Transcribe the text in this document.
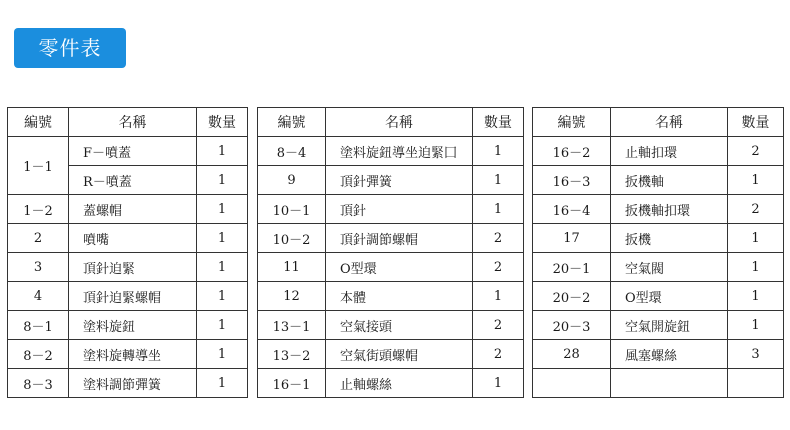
零件表
編號	名稱	數量
1－1	F－噴蓋	1
	R－噴蓋	1
1－2	蓋螺帽	1
2	噴嘴	1
3	頂針迫緊	1
4	頂針迫緊螺帽	1
8－1	塗料旋鈕	1
8－2	塗料旋轉導坐	1
8－3	塗料調節彈簧	1
編號	名稱	數量
8－4	塗料旋鈕導坐迫緊囗	1
9	頂針彈簧	1
10－1	頂針	1
10－2	頂針調節螺帽	2
11	O型環	2
12	本體	1
13－1	空氣接頭	2
13－2	空氣街頭螺帽	2
16－1	止軸螺絲	1
編號	名稱	數量
16－2	止軸扣環	2
16－3	扳機軸	1
16－4	扳機軸扣環	2
17	扳機	1
20－1	空氣閥	1
20－2	O型環	1
20－3	空氣開旋鈕	1
28	風塞螺絲	3
